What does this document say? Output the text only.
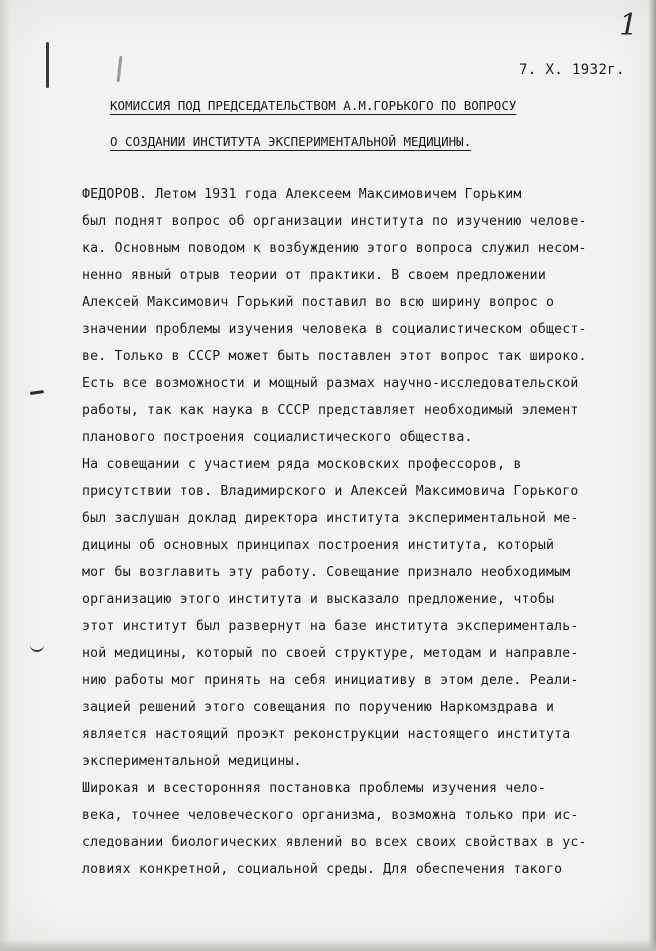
1
7. X. 1932г.
КОМИССИЯ ПОД ПРЕДСЕДАТЕЛЬСТВОМ А.М.ГОРЬКОГО ПО ВОПРОСУ
О СОЗДАНИИ ИНСТИТУТА ЭКСПЕРИМЕНТАЛЬНОЙ МЕДИЦИНЫ.
ФЕДОРОВ. Летом 1931 года Алексеем Максимовичем Горьким
был поднят вопрос об организации института по изучению челове-
ка. Основным поводом к возбуждению этого вопроса служил несом-
ненно явный отрыв теории от практики. В своем предложении
Алексей Максимович Горький поставил во всю ширину вопрос о
значении проблемы изучения человека в социалистическом общест-
ве. Только в СССР может быть поставлен этот вопрос так широко.
Есть все возможности и мощный размах научно-исследовательской
работы, так как наука в СССР представляет необходимый элемент
планового построения социалистического общества.
На совещании с участием ряда московских профессоров, в
присутствии тов. Владимирского и Алексей Максимовича Горького
был заслушан доклад директора института экспериментальной ме-
дицины об основных принципах построения института, который
мог бы возглавить эту работу. Совещание признало необходимым
организацию этого института и высказало предложение, чтобы
этот институт был развернут на базе института эксперименталь-
ной медицины, который по своей структуре, методам и направле-
нию работы мог принять на себя инициативу в этом деле. Реали-
зацией решений этого совещания по поручению Наркомздрава и
является настоящий проэкт реконструкции настоящего института
экспериментальной медицины.
Широкая и всесторонняя постановка проблемы изучения чело-
века, точнее человеческого организма, возможна только при ис-
следовании биологических явлений во всех своих свойствах в ус-
ловиях конкретной, социальной среды. Для обеспечения такого
